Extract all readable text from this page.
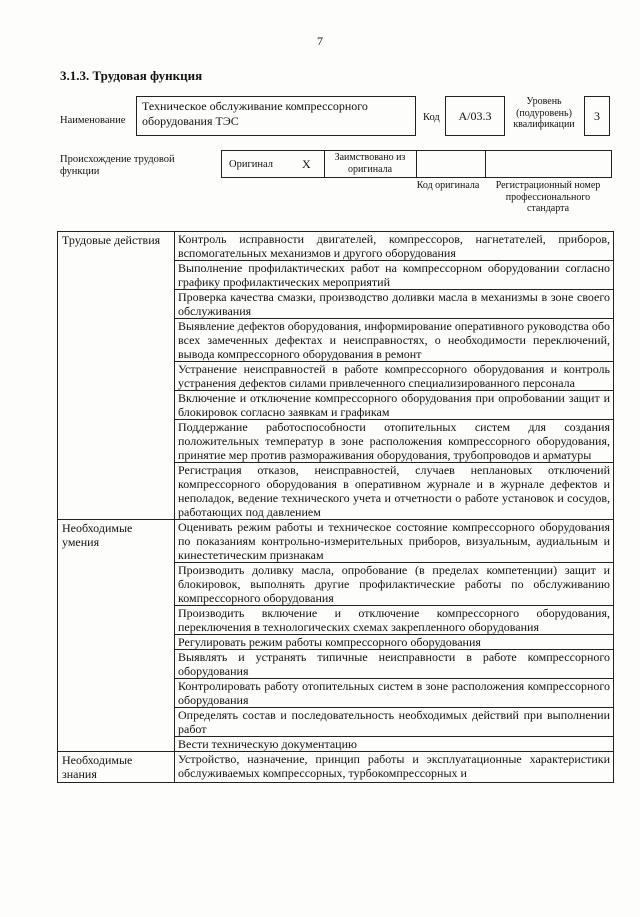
7
3.1.3. Трудовая функция
Наименование
Техническое обслуживание компрессорного оборудования ТЭС	Код	A/03.3
Уровень (подуровень) квалификации
3
Происхождение трудовой функции
Оригинал X	Заимствовано из оригинала
Код оригинала	Регистрационный номер профессионального стандарта
Трудовые действия	Контроль исправности двигателей, компрессоров, нагнетателей, приборов, вспомогательных механизмов и другого оборудования
	Выполнение профилактических работ на компрессорном оборудовании согласно графику профилактических мероприятий
	Проверка качества смазки, производство доливки масла в механизмы в зоне своего обслуживания
	Выявление дефектов оборудования, информирование оперативного руководства обо всех замеченных дефектах и неисправностях, о необходимости переключений, вывода компрессорного оборудования в ремонт
	Устранение неисправностей в работе компрессорного оборудования и контроль устранения дефектов силами привлеченного специализированного персонала
	Включение и отключение компрессорного оборудования при опробовании защит и блокировок согласно заявкам и графикам
	Поддержание работоспособности отопительных систем для создания положительных температур в зоне расположения компрессорного оборудования, принятие мер против размораживания оборудования, трубопроводов и арматуры
	Регистрация отказов, неисправностей, случаев неплановых отключений компрессорного оборудования в оперативном журнале и в журнале дефектов и неполадок, ведение технического учета и отчетности о работе установок и сосудов, работающих под давлением
Необходимые умения	Оценивать режим работы и техническое состояние компрессорного оборудования по показаниям контрольно-измерительных приборов, визуальным, аудиальным и кинестетическим признакам
	Производить доливку масла, опробование (в пределах компетенции) защит и блокировок, выполнять другие профилактические работы по обслуживанию компрессорного оборудования
	Производить включение и отключение компрессорного оборудования, переключения в технологических схемах закрепленного оборудования
	Регулировать режим работы компрессорного оборудования
	Выявлять и устранять типичные неисправности в работе компрессорного оборудования
	Контролировать работу отопительных систем в зоне расположения компрессорного оборудования
	Определять состав и последовательность необходимых действий при выполнении работ
	Вести техническую документацию
Необходимые знания	Устройство, назначение, принцип работы и эксплуатационные характеристики обслуживаемых компрессорных, турбокомпрессорных и
